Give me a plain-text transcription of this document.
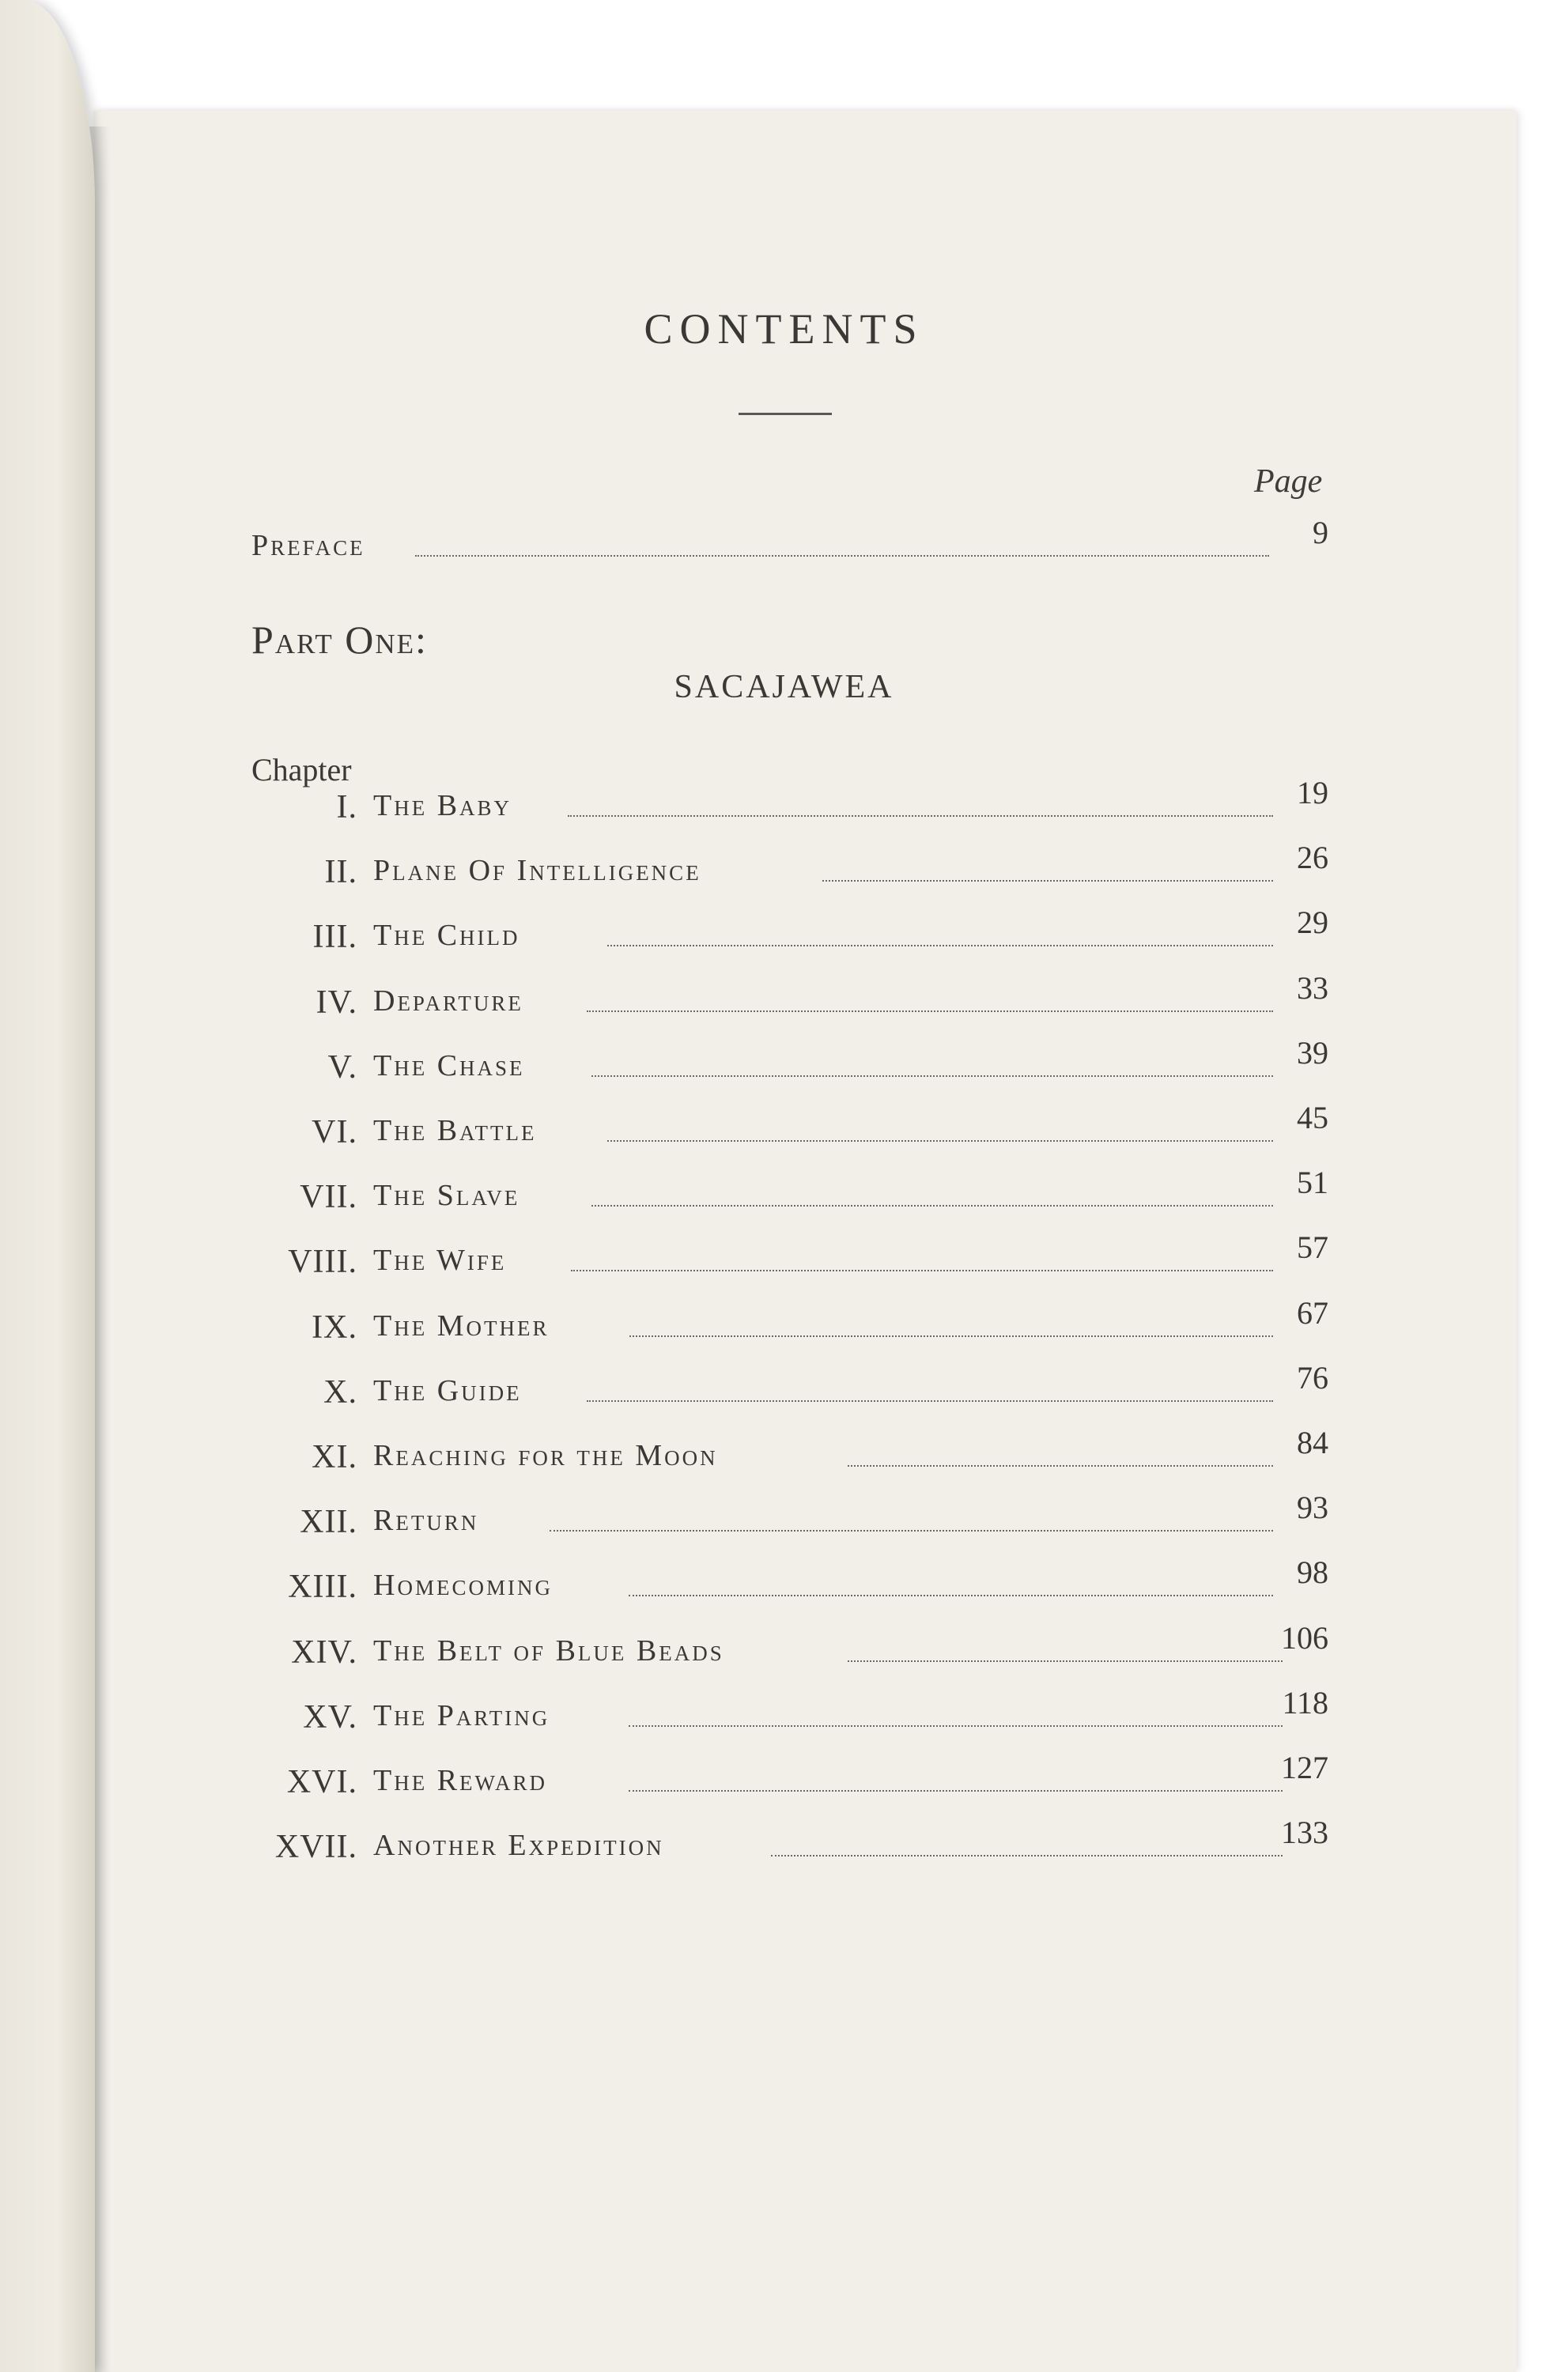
CONTENTS
Page
Preface	9
Part One:
SACAJAWEA
Chapter
I. The Baby	19
II. Plane Of Intelligence	26
III. The Child	29
IV. Departure	33
V. The Chase	39
VI. The Battle	45
VII. The Slave	51
VIII. The Wife	57
IX. The Mother	67
X. The Guide	76
XI. Reaching for the Moon	84
XII. Return	93
XIII. Homecoming	98
XIV. The Belt of Blue Beads	106
XV. The Parting	118
XVI. The Reward	127
XVII. Another Expedition	133
